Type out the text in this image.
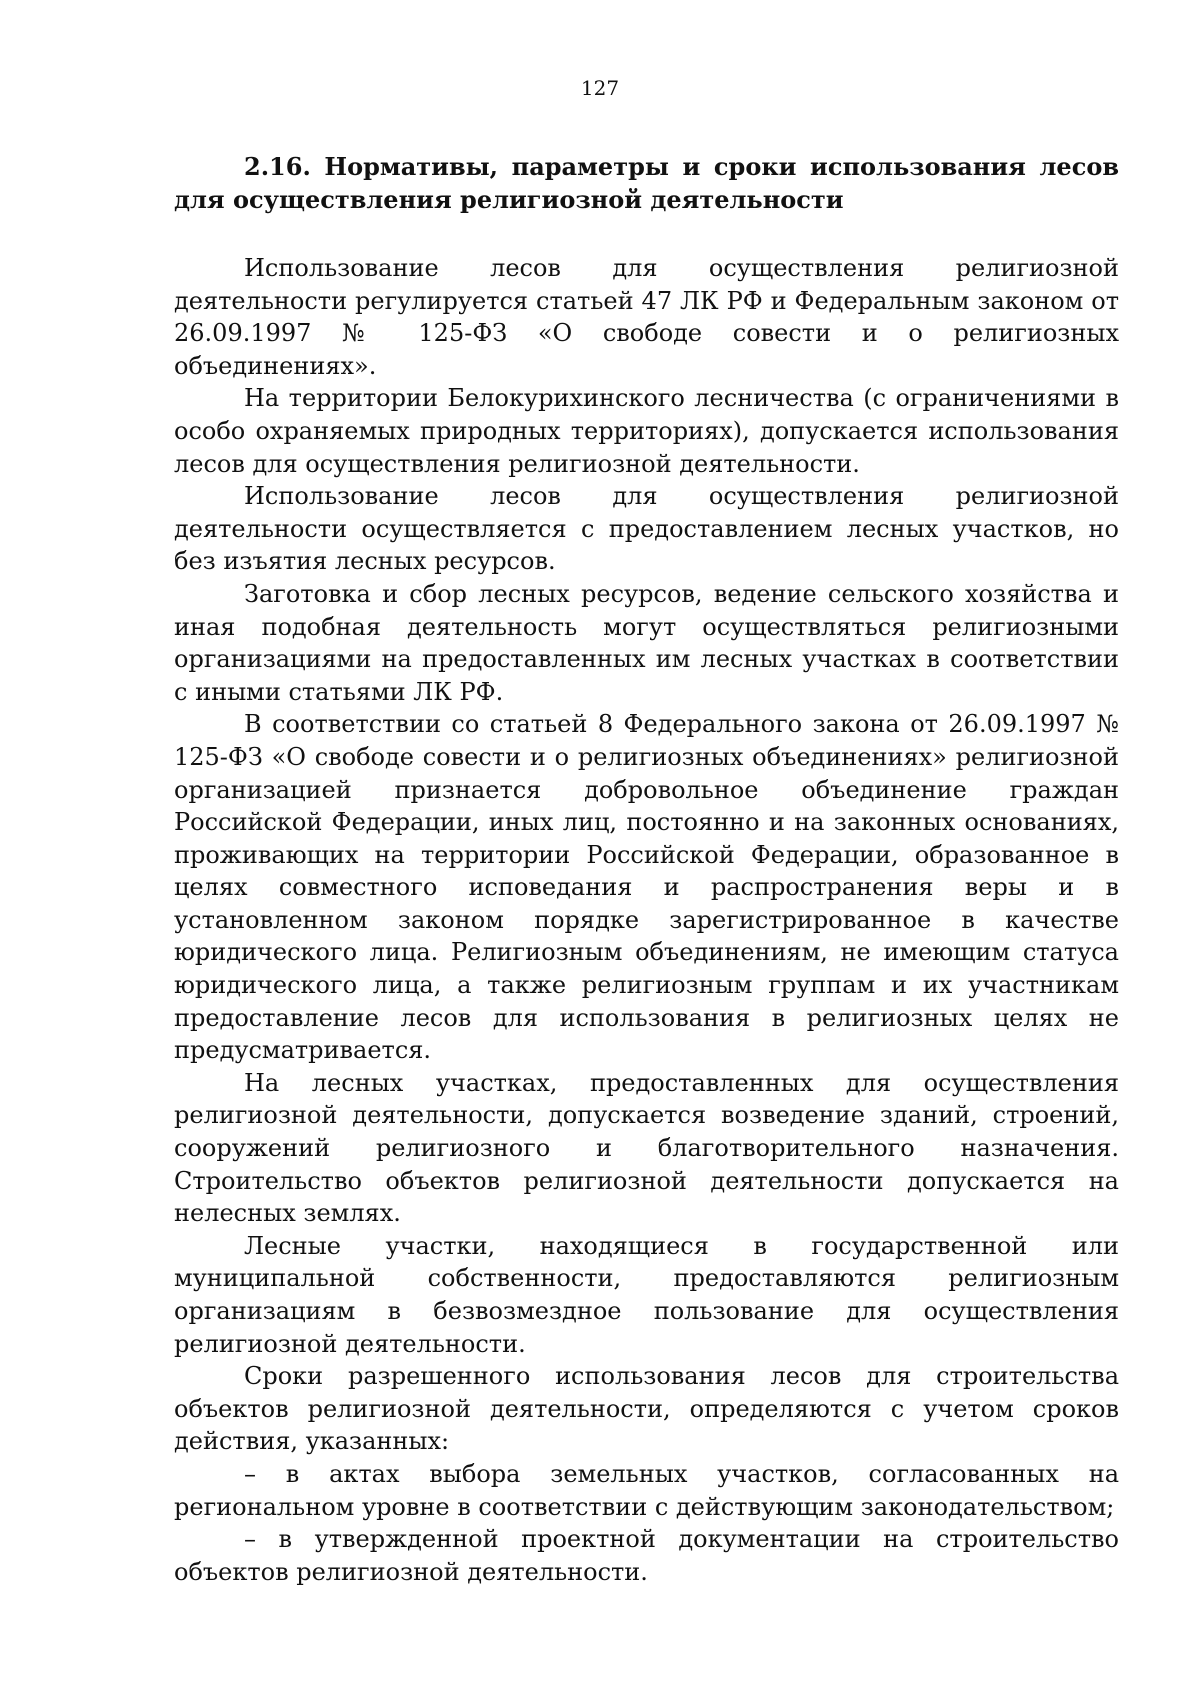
127

2.16. Нормативы, параметры и сроки использования лесов для осуществления религиозной деятельности

Использование лесов для осуществления религиозной деятельности регулируется статьей 47 ЛК РФ и Федеральным законом от 26.09.1997 № 125-ФЗ «О свободе совести и о религиозных объединениях».

На территории Белокурихинского лесничества (с ограничениями в особо охраняемых природных территориях), допускается использования лесов для осуществления религиозной деятельности.

Использование лесов для осуществления религиозной деятельности осуществляется с предоставлением лесных участков, но без изъятия лесных ресурсов.

Заготовка и сбор лесных ресурсов, ведение сельского хозяйства и иная подобная деятельность могут осуществляться религиозными организациями на предоставленных им лесных участках в соответствии с иными статьями ЛК РФ.

В соответствии со статьей 8 Федерального закона от 26.09.1997 № 125-ФЗ «О свободе совести и о религиозных объединениях» религиозной организацией признается добровольное объединение граждан Российской Федерации, иных лиц, постоянно и на законных основаниях, проживающих на территории Российской Федерации, образованное в целях совместного исповедания и распространения веры и в установленном законом порядке зарегистрированное в качестве юридического лица. Религиозным объединениям, не имеющим статуса юридического лица, а также религиозным группам и их участникам предоставление лесов для использования в религиозных целях не предусматривается.

На лесных участках, предоставленных для осуществления религиозной деятельности, допускается возведение зданий, строений, сооружений религиозного и благотворительного назначения. Строительство объектов религиозной деятельности допускается на нелесных землях.

Лесные участки, находящиеся в государственной или муниципальной собственности, предоставляются религиозным организациям в безвозмездное пользование для осуществления религиозной деятельности.

Сроки разрешенного использования лесов для строительства объектов религиозной деятельности, определяются с учетом сроков действия, указанных:

– в актах выбора земельных участков, согласованных на региональном уровне в соответствии с действующим законодательством;

– в утвержденной проектной документации на строительство объектов религиозной деятельности.
